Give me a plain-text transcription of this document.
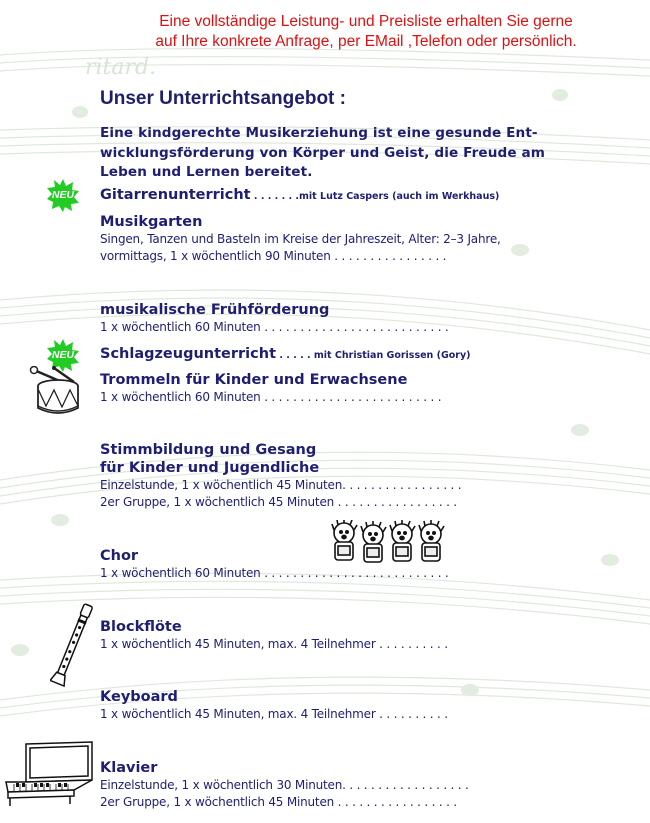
ritard.
Eine vollständige Leistung- und Preisliste erhalten Sie gerne
auf Ihre konkrete Anfrage, per EMail ,Telefon oder persönlich.
Unser Unterrichtsangebot :
Eine kindgerechte Musikerziehung ist eine gesunde Ent-
wicklungsförderung von Körper und Geist, die Freude am
Leben und Lernen bereitet.
NEU
NEU
Gitarrenunterricht . . . . . . .mit Lutz Caspers (auch im Werkhaus)
Musikgarten
Singen, Tanzen und Basteln im Kreise der Jahreszeit, Alter: 2–3 Jahre,
vormittags, 1 x wöchentlich 90 Minuten . . . . . . . . . . . . . . . .
musikalische Frühförderung
1 x wöchentlich 60 Minuten . . . . . . . . . . . . . . . . . . . . . . . . . .
Schlagzeugunterricht . . . . . mit Christian Gorissen (Gory)
Trommeln für Kinder und Erwachsene
1 x wöchentlich 60 Minuten . . . . . . . . . . . . . . . . . . . . . . . . .
Stimmbildung und Gesang
für Kinder und Jugendliche
Einzelstunde, 1 x wöchentlich 45 Minuten. . . . . . . . . . . . . . . . .
2er Gruppe, 1 x wöchentlich 45 Minuten . . . . . . . . . . . . . . . . .
Chor
1 x wöchentlich 60 Minuten . . . . . . . . . . . . . . . . . . . . . . . . . .
Blockflöte
1 x wöchentlich 45 Minuten, max. 4 Teilnehmer . . . . . . . . . .
Keyboard
1 x wöchentlich 45 Minuten, max. 4 Teilnehmer . . . . . . . . . .
Klavier
Einzelstunde, 1 x wöchentlich 30 Minuten. . . . . . . . . . . . . . . . . .
2er Gruppe, 1 x wöchentlich 45 Minuten . . . . . . . . . . . . . . . . .
